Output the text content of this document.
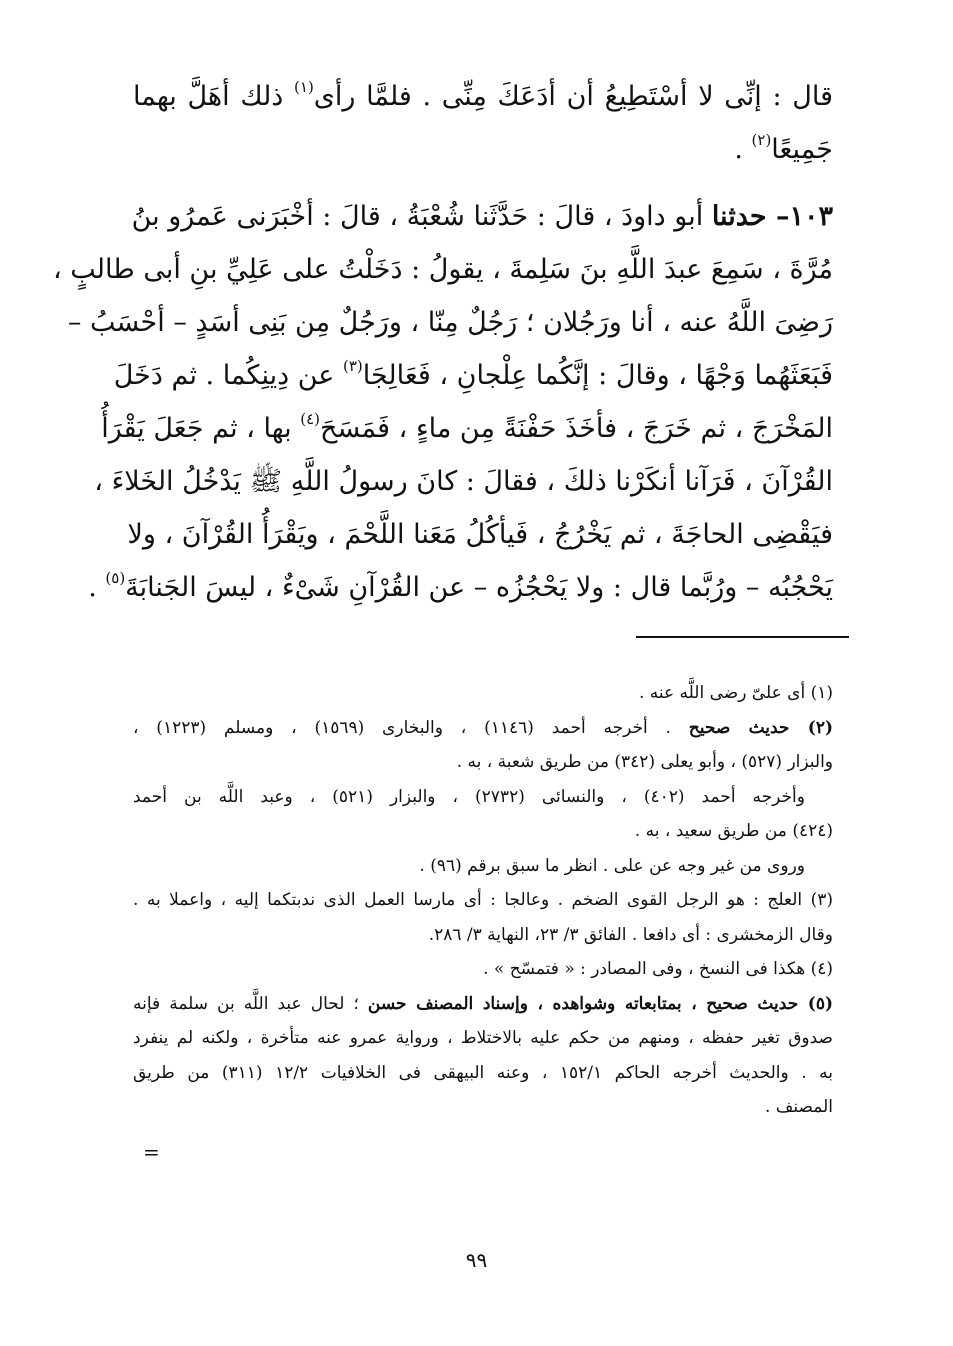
قال : إنِّى لا أسْتَطِيعُ أن أدَعَكَ مِنِّى . فلمَّا رأى$^{(١)}$ ذلك أهَلَّ بهما
جَمِيعًا$^{(٢)}$ .
١٠٣– حدثنا أبو داودَ ، قالَ : حَدَّثَنا شُعْبَةُ ، قالَ : أخْبَرَنى عَمرُو بنُ
مُرَّةَ ، سَمِعَ عبدَ اللَّهِ بنَ سَلِمةَ ، يقولُ : دَخَلْتُ على عَلِيِّ بنِ أبى طالبٍ ،
رَضِىَ اللَّهُ عنه ، أنا ورَجُلان ؛ رَجُلٌ مِنّا ، ورَجُلٌ مِن بَنِى أسَدٍ – أحْسَبُ –
فَبَعَثَهُما وَجْهًا ، وقالَ : إنَّكُما عِلْجانِ ، فَعَالِجَا$^{(٣)}$ عن دِينِكُما . ثم دَخَلَ
المَخْرَجَ ، ثم خَرَجَ ، فأخَذَ حَفْنَةً مِن ماءٍ ، فَمَسَحَ$^{(٤)}$ بها ، ثم جَعَلَ يَقْرَأُ
القُرْآنَ ، فَرَآنا أنكَرْنا ذلكَ ، فقالَ : كانَ رسولُ اللَّهِ ﷺ يَدْخُلُ الخَلاءَ ،
فيَقْضِى الحاجَةَ ، ثم يَخْرُجُ ، فَيأكُلُ مَعَنا اللَّحْمَ ، ويَقْرَأُ القُرْآنَ ، ولا
يَحْجُبُه – ورُبَّما قال : ولا يَحْجُزُه – عن القُرْآنِ شَىْءٌ ، ليسَ الجَنابَةَ$^{(٥)}$ .
(١) أى علىّ رضى اللَّه عنه .
(٢) حديث صحيح . أخرجه أحمد (١١٤٦) ، والبخارى (١٥٦٩) ، ومسلم (١٢٢٣) ،
والبزار (٥٢٧) ، وأبو يعلى (٣٤٢) من طريق شعبة ، به .
وأخرجه أحمد (٤٠٢) ، والنسائى (٢٧٣٢) ، والبزار (٥٢١) ، وعبد اللَّه بن أحمد
(٤٢٤) من طريق سعيد ، به .
وروى من غير وجه عن على . انظر ما سبق برقم (٩٦) .
(٣) العلج : هو الرجل القوى الضخم . وعالجا : أى مارسا العمل الذى ندبتكما إليه ، واعملا به .
وقال الزمخشرى : أى دافعا . الفائق ٣/ ٢٣، النهاية ٣/ ٢٨٦.
(٤) هكذا فى النسخ ، وفى المصادر : « فتمسّح » .
(٥) حديث صحيح ، بمتابعاته وشواهده ، وإسناد المصنف حسن ؛ لحال عبد اللَّه بن سلمة فإنه
صدوق تغير حفظه ، ومنهم من حكم عليه بالاختلاط ، ورواية عمرو عنه متأخرة ، ولكنه لم ينفرد
به . والحديث أخرجه الحاكم ١٥٢/١ ، وعنه البيهقى فى الخلافيات ١٢/٢ (٣١١) من طريق
المصنف .
=
٩٩
